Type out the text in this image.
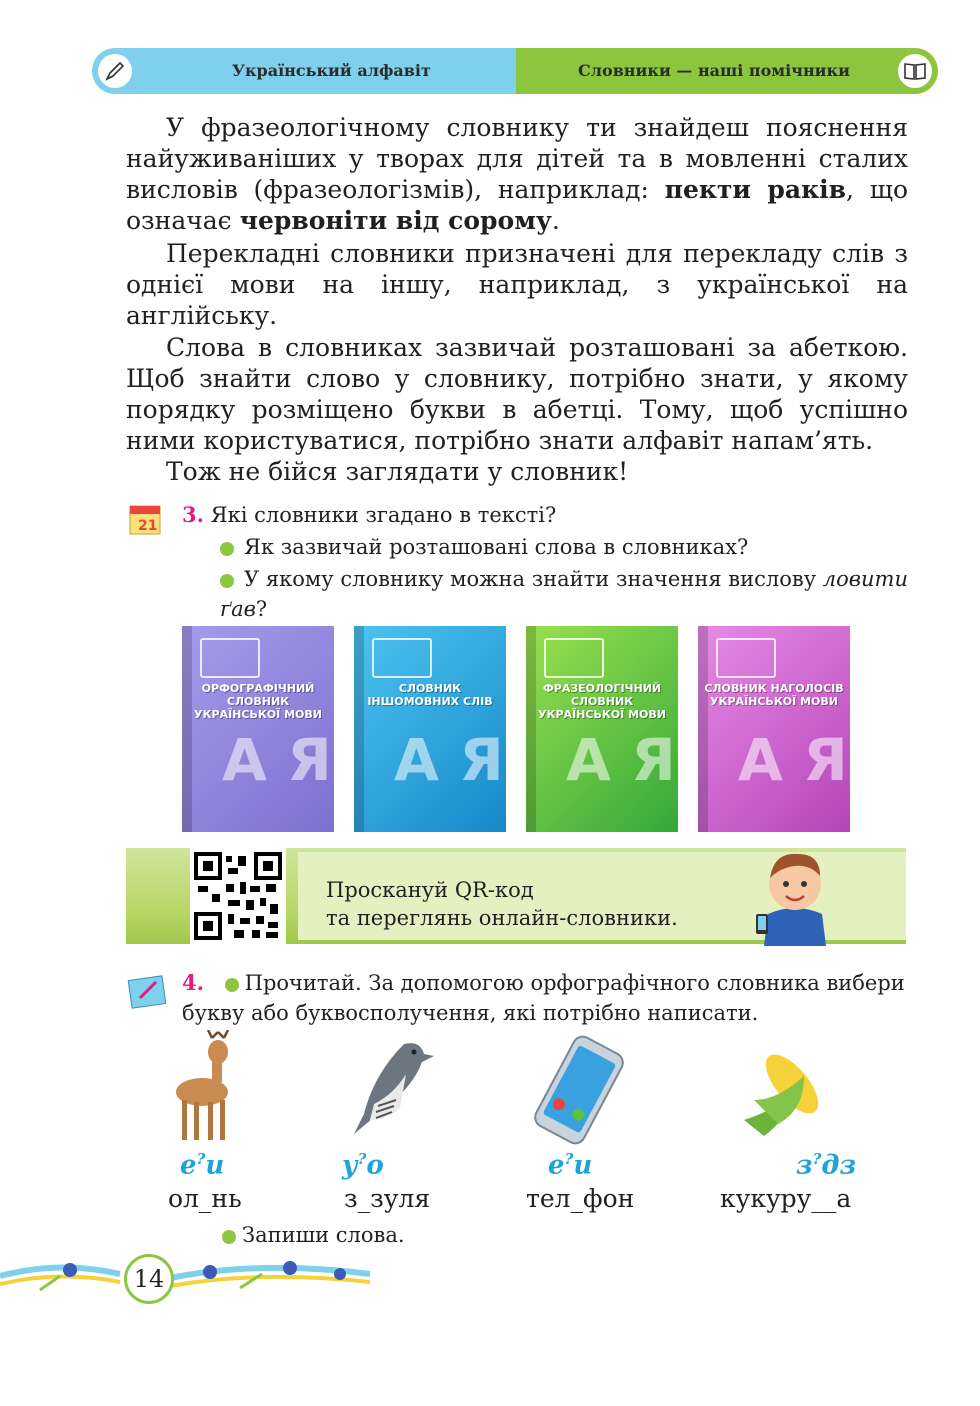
Український алфавіт	Словники — наші помічники
У фразеологічному словнику ти знайдеш пояснення найуживаніших у творах для дітей та в мовленні сталих висловів (фразеологізмів), наприклад: пекти раків, що означає червоніти від сорому.
Перекладні словники призначені для перекладу слів з однієї мови на іншу, наприклад, з української на англійську.
Слова в словниках зазвичай розташовані за абеткою. Щоб знайти слово у словнику, потрібно знати, у якому порядку розміщено букви в абетці. Тому, щоб успішно ними користуватися, потрібно знати алфавіт напам’ять.
Тож не бійся заглядати у словник!
21 3. Які словники згадано в тексті?
Як зазвичай розташовані слова в словниках?
У якому словнику можна знайти значення вислову ловити ґав?
ОРФОГРАФІЧНИЙ СЛОВНИК УКРАЇНСЬКОЇ МОВИ
А Я
СЛОВНИК ІНШОМОВНИХ СЛІВ
А Я
ФРАЗЕОЛОГІЧНИЙ СЛОВНИК УКРАЇНСЬКОЇ МОВИ
А Я
СЛОВНИК НАГОЛОСІВ УКРАЇНСЬКОЇ МОВИ
А Я
Проскануй QR-код
та переглянь онлайн-словники.
4. Прочитай. За допомогою орфографічного словника вибери букву або буквосполучення, які потрібно написати.
е?и	у?о	е?и	з?дз
ол_нь	з_зуля	тел_фон	кукуру__а
Запиши слова.
14
